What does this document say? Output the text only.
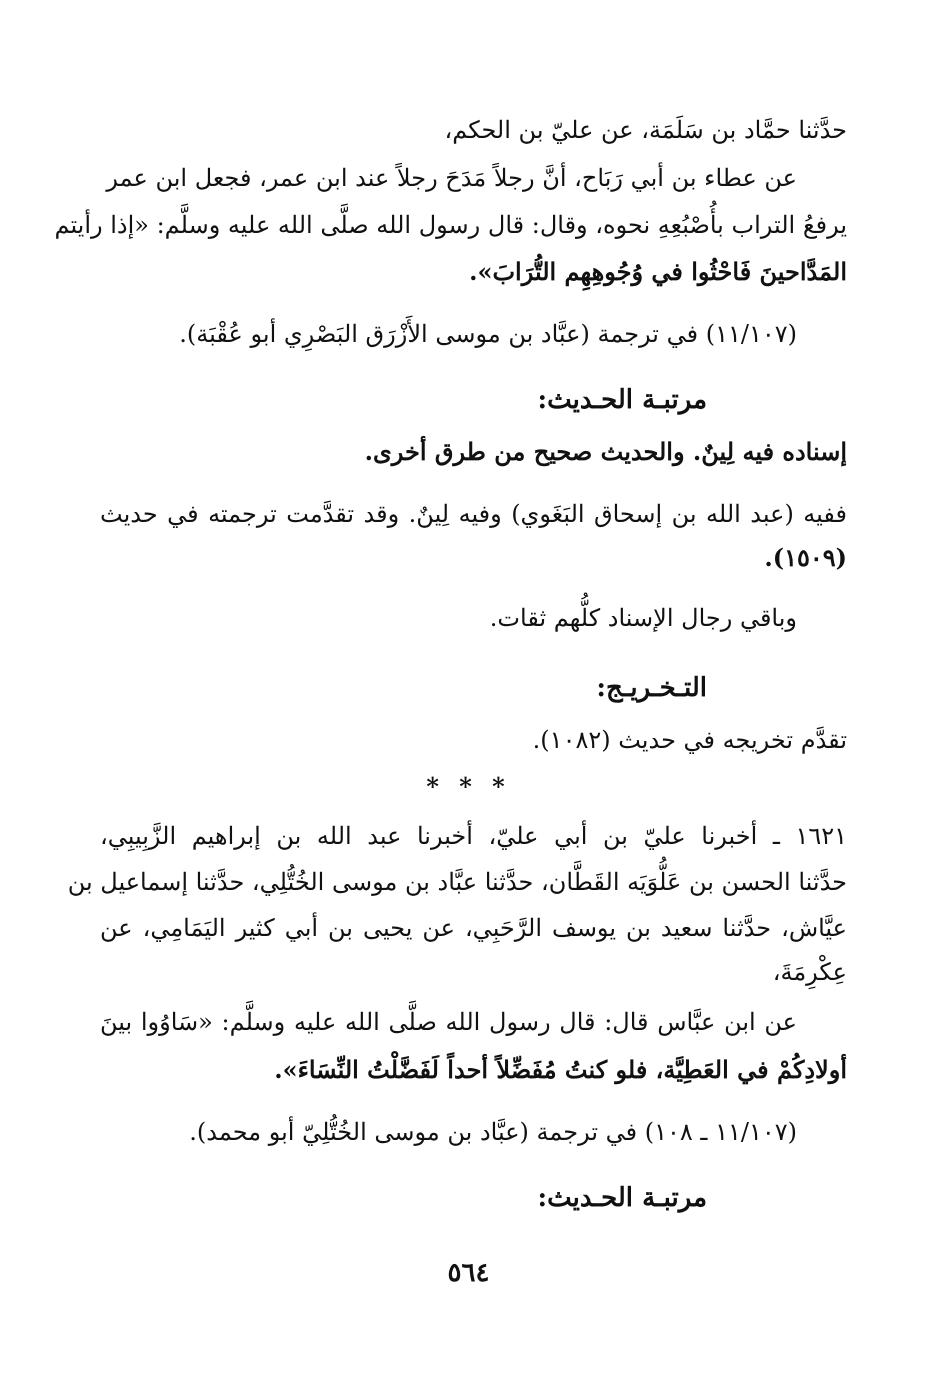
حدَّثنا حمَّاد بن سَلَمَة، عن عليّ بن الحكم،
عن عطاء بن أبي رَبَاح، أنَّ رجلاً مَدَحَ رجلاً عند ابن عمر، فجعل ابن عمر
يرفعُ التراب بأُصْبُعِهِ نحوه، وقال: قال رسول الله صلَّى الله عليه وسلَّم: «إذا رأيتم
المَدَّاحينَ فَاحْثُوا في وُجُوهِهِم التُّرَابَ».
(١١/١٠٧) في ترجمة (عبَّاد بن موسى الأَزْرَق البَصْرِي أبو عُقْبَة).
مرتبـة الحـديث:
إسناده فيه لِينٌ. والحديث صحيح من طرق أخرى.
ففيه (عبد الله بن إسحاق البَغَوي) وفيه لِينٌ. وقد تقدَّمت ترجمته في حديث
(١٥٠٩).
وباقي رجال الإسناد كلُّهم ثقات.
التـخـريـج:
تقدَّم تخريجه في حديث (١٠٨٢).
* * *
١٦٢١ ـ أخبرنا عليّ بن أبي عليّ، أخبرنا عبد الله بن إبراهيم الزَّبِيبِي،
حدَّثنا الحسن بن عَلُّوَيَه القَطَّان، حدَّثنا عبَّاد بن موسى الخُتُّلِي، حدَّثنا إسماعيل بن
عيَّاش، حدَّثنا سعيد بن يوسف الرَّحَبِي، عن يحيى بن أبي كثير اليَمَامِي، عن
عِكْرِمَةَ،
عن ابن عبَّاس قال: قال رسول الله صلَّى الله عليه وسلَّم: «سَاوُوا بينَ
أولادِكُمْ في العَطِيَّة، فلو كنتُ مُفَضِّلاً أحداً لَفَضَّلْتُ النِّسَاءَ».
(١١/١٠٧ ـ ١٠٨) في ترجمة (عبَّاد بن موسى الخُتُّلِيّ أبو محمد).
مرتبـة الحـديث:
٥٦٤
